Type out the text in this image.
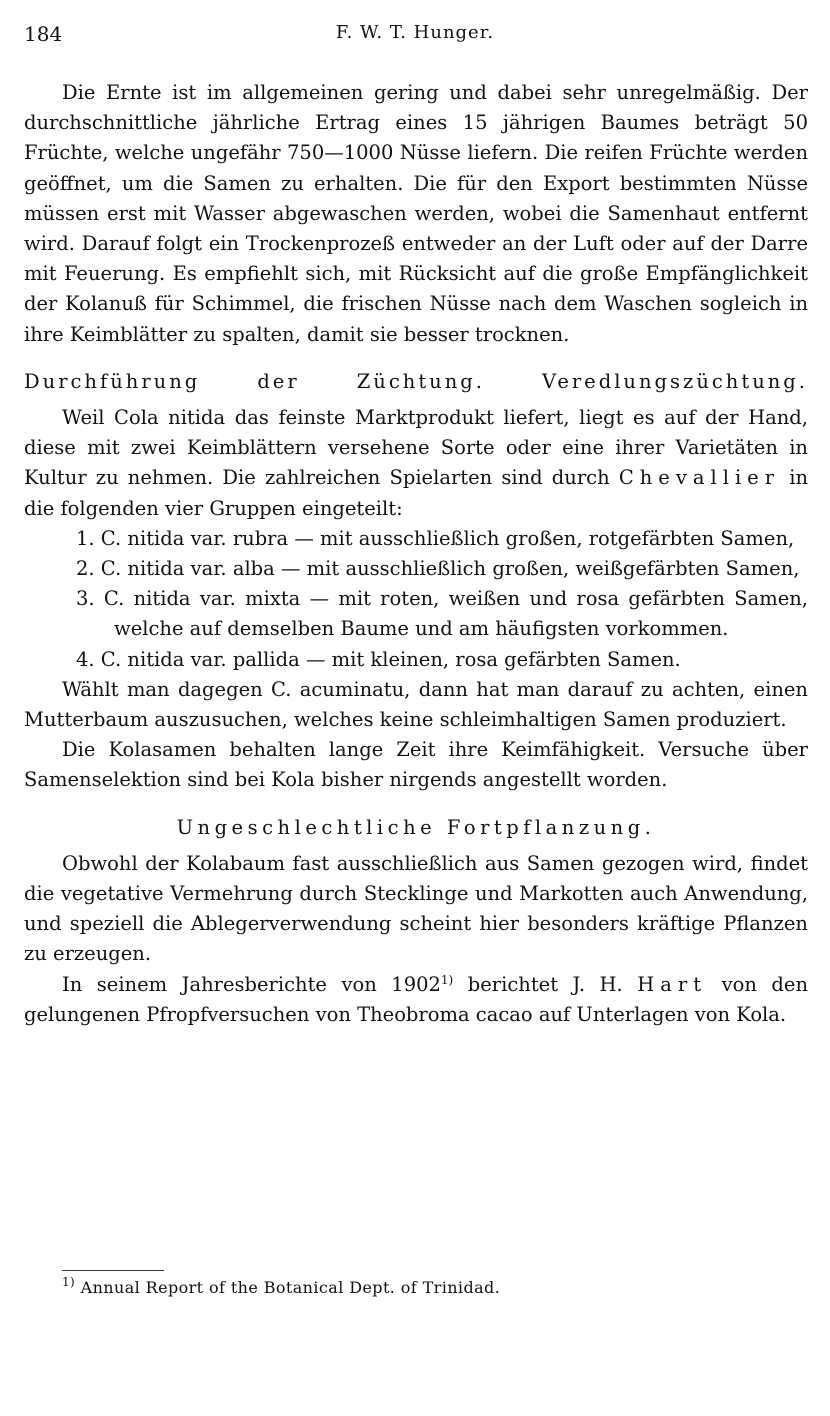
184	F. W. T. Hunger.

Die Ernte ist im allgemeinen gering und dabei sehr unregelmäßig. Der durchschnittliche jährliche Ertrag eines 15 jährigen Baumes beträgt 50 Früchte, welche ungefähr 750—1000 Nüsse liefern. Die reifen Früchte werden geöffnet, um die Samen zu erhalten. Die für den Export bestimmten Nüsse müssen erst mit Wasser abgewaschen werden, wobei die Samenhaut entfernt wird. Darauf folgt ein Trockenprozeß entweder an der Luft oder auf der Darre mit Feuerung. Es empfiehlt sich, mit Rücksicht auf die große Empfänglichkeit der Kolanuß für Schimmel, die frischen Nüsse nach dem Waschen sogleich in ihre Keimblätter zu spalten, damit sie besser trocknen.

Durchführung der Züchtung. Veredlungszüchtung.

Weil Cola nitida das feinste Marktprodukt liefert, liegt es auf der Hand, diese mit zwei Keimblättern versehene Sorte oder eine ihrer Varietäten in Kultur zu nehmen. Die zahlreichen Spielarten sind durch Chevallier in die folgenden vier Gruppen eingeteilt:

1. C. nitida var. rubra — mit ausschließlich großen, rotgefärbten Samen,
2. C. nitida var. alba — mit ausschließlich großen, weißgefärbten Samen,
3. C. nitida var. mixta — mit roten, weißen und rosa gefärbten Samen, welche auf demselben Baume und am häufigsten vorkommen.
4. C. nitida var. pallida — mit kleinen, rosa gefärbten Samen.

Wählt man dagegen C. acuminatu, dann hat man darauf zu achten, einen Mutterbaum auszusuchen, welches keine schleimhaltigen Samen produziert.

Die Kolasamen behalten lange Zeit ihre Keimfähigkeit. Versuche über Samenselektion sind bei Kola bisher nirgends angestellt worden.

Ungeschlechtliche Fortpflanzung.

Obwohl der Kolabaum fast ausschließlich aus Samen gezogen wird, findet die vegetative Vermehrung durch Stecklinge und Markotten auch Anwendung, und speziell die Ablegerverwendung scheint hier besonders kräftige Pflanzen zu erzeugen.

In seinem Jahresberichte von 1902$^{1)}$ berichtet J. H. Hart von den gelungenen Pfropfversuchen von Theobroma cacao auf Unterlagen von Kola.

$^{1)}$ Annual Report of the Botanical Dept. of Trinidad.
